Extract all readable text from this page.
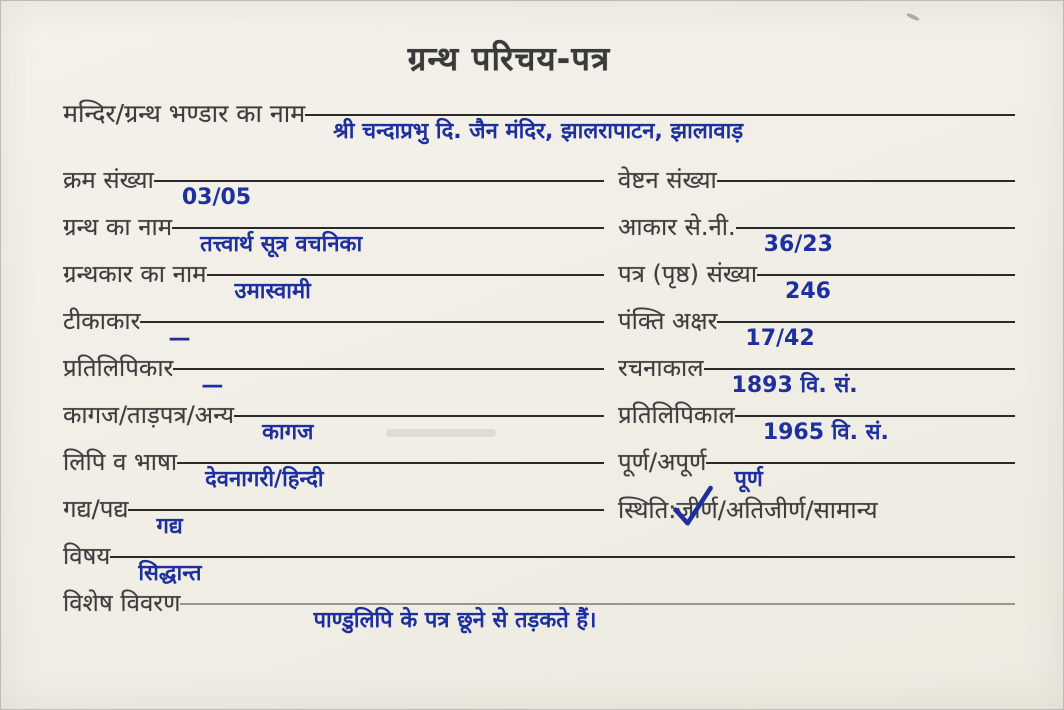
ग्रन्थ परिचय-पत्र
मन्दिर/ग्रन्थ भण्डार का नाम
श्री चन्दाप्रभु दि. जैन मंदिर, झालरापाटन, झालावाड़
क्रम संख्या
03/05
ग्रन्थ का नाम
तत्त्वार्थ सूत्र वचनिका
ग्रन्थकार का नाम
उमास्वामी
टीकाकार
—
प्रतिलिपिकार
—
कागज/ताड़पत्र/अन्य
कागज
लिपि व भाषा
देवनागरी/हिन्दी
गद्य/पद्य
गद्य
वेष्टन संख्या
आकार से.नी.
36/23
पत्र (पृष्ठ) संख्या
246
पंक्ति अक्षर
17/42
रचनाकाल
1893 वि. सं.
प्रतिलिपिकाल
1965 वि. सं.
पूर्ण/अपूर्ण
पूर्ण
स्थिति:जीर्ण
/अतिजीर्ण/सामान्य
विषय
सिद्धान्त
विशेष विवरण
पाण्डुलिपि के पत्र छूने से तड़कते हैं।
